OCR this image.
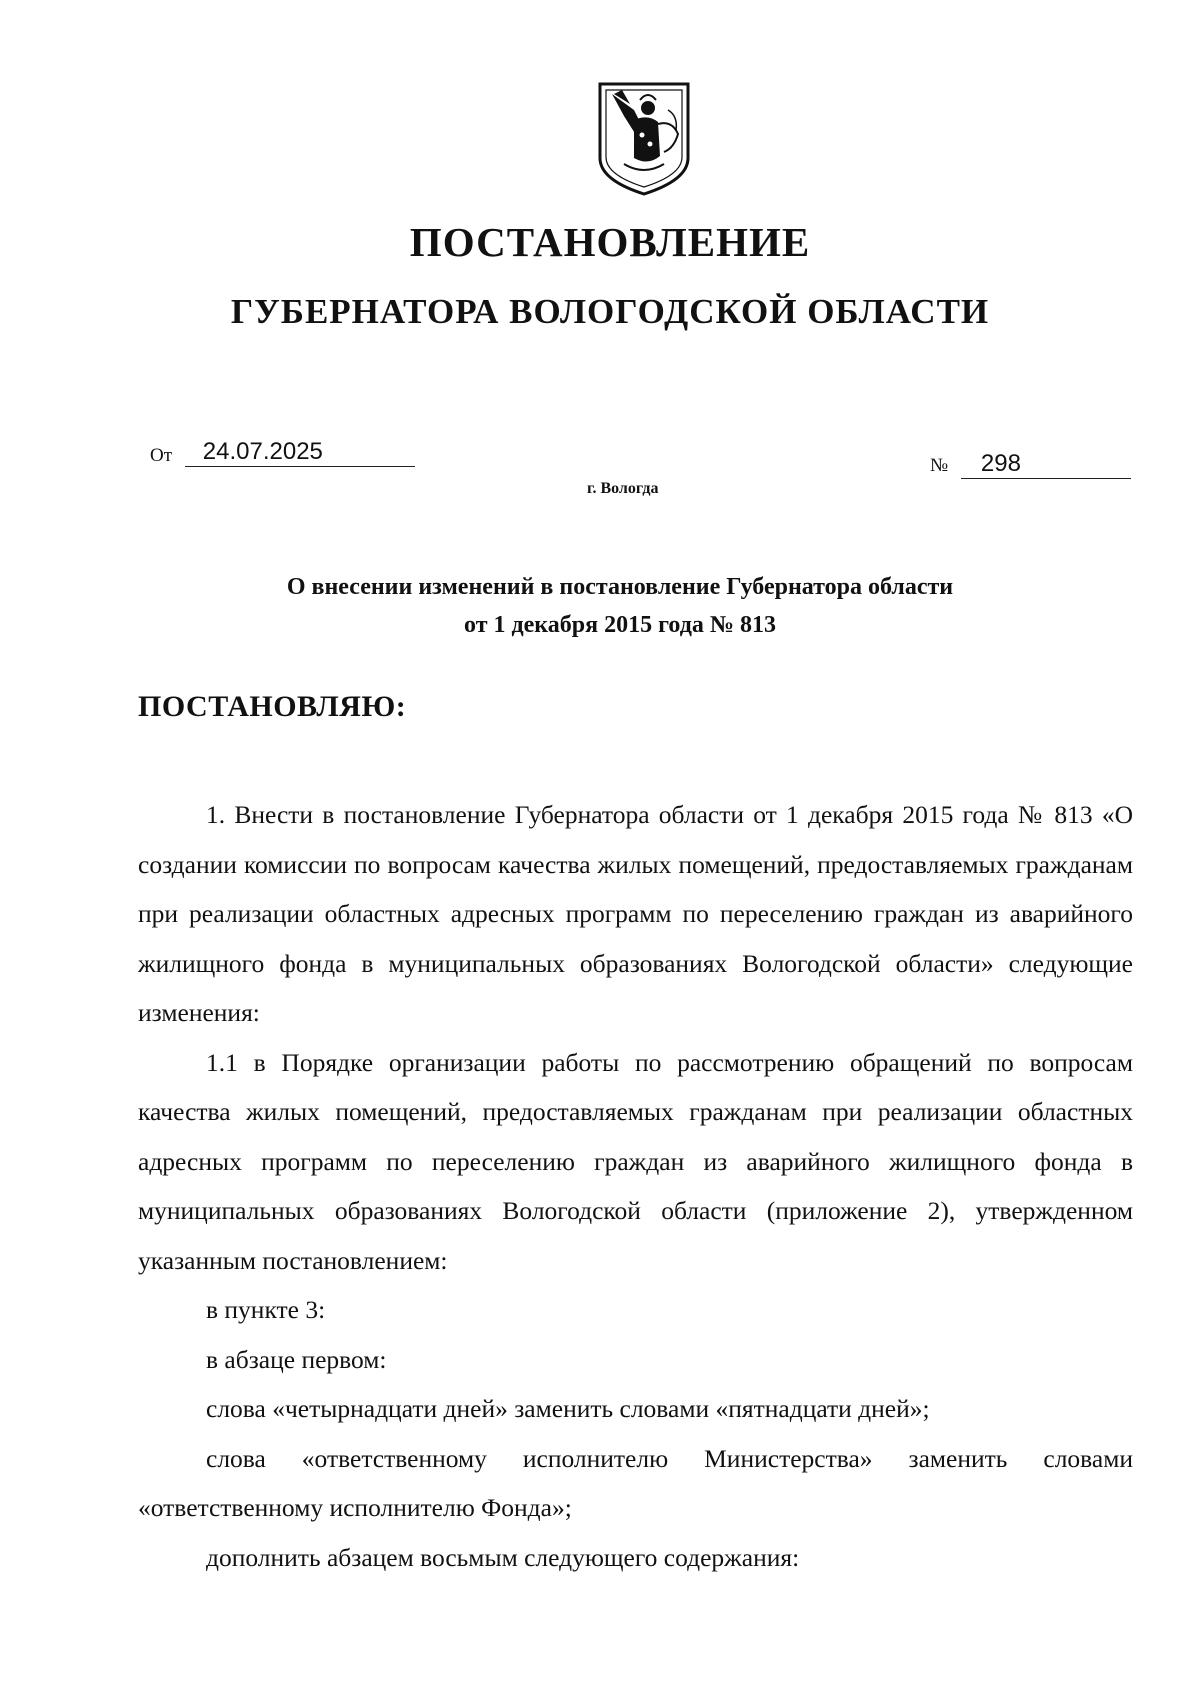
ПОСТАНОВЛЕНИЕ
ГУБЕРНАТОРА ВОЛОГОДСКОЙ ОБЛАСТИ
От 24.07.2025
№ 298
г. Вологда
О внесении изменений в постановление Губернатора области
от 1 декабря 2015 года № 813
ПОСТАНОВЛЯЮ:

1. Внести в постановление Губернатора области от 1 декабря 2015 года № 813 «О создании комиссии по вопросам качества жилых помещений, предоставляемых гражданам при реализации областных адресных программ по переселению граждан из аварийного жилищного фонда в муниципальных образованиях Вологодской области» следующие изменения:

1.1 в Порядке организации работы по рассмотрению обращений по вопросам качества жилых помещений, предоставляемых гражданам при реализации областных адресных программ по переселению граждан из аварийного жилищного фонда в муниципальных образованиях Вологодской области (приложение 2), утвержденном указанным постановлением:

в пункте 3:

в абзаце первом:

слова «четырнадцати дней» заменить словами «пятнадцати дней»;

слова «ответственному исполнителю Министерства» заменить словами «ответственному исполнителю Фонда»;

дополнить абзацем восьмым следующего содержания:
